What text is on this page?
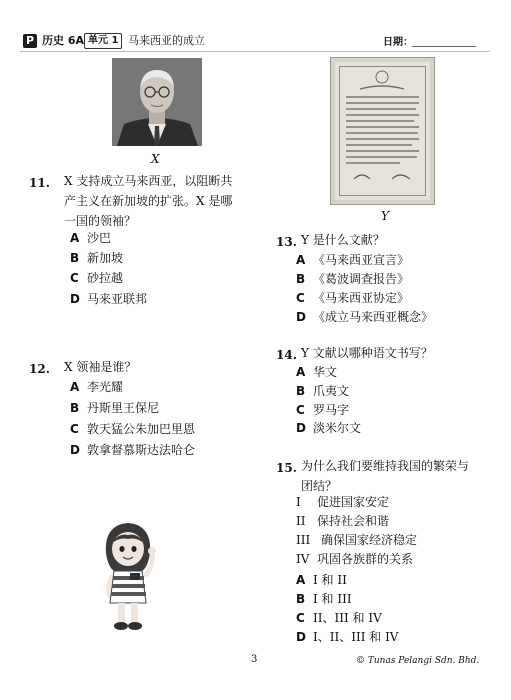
P 历史 6A 单元 1 马来西亚的成立	日期：
X
Y
11. X 支持成立马来西亚，以阻断共
产主义在新加坡的扩张。X 是哪
一国的领袖？
A 沙巴
B 新加坡
C 砂拉越
D 马来亚联邦
12. X 领袖是谁？
A 李光耀
B 丹斯里王保尼
C 敦天猛公朱加巴里恩
D 敦拿督慕斯达法哈仑
13. Y 是什么文献？
A 《马来西亚宣言》
B 《葛波调查报告》
C 《马来西亚协定》
D 《成立马来西亚概念》
14. Y 文献以哪种语文书写？
A 华文
B 爪夷文
C 罗马字
D 淡米尔文
15. 为什么我们要维持我国的繁荣与
团结？
I	促进国家安定
II 保持社会和谐
III 确保国家经济稳定
IV 巩固各族群的关系
A I 和 II
B I 和 III
C II、III 和 IV
D I、II、III 和 IV
3	© Tunas Pelangi Sdn. Bhd.
